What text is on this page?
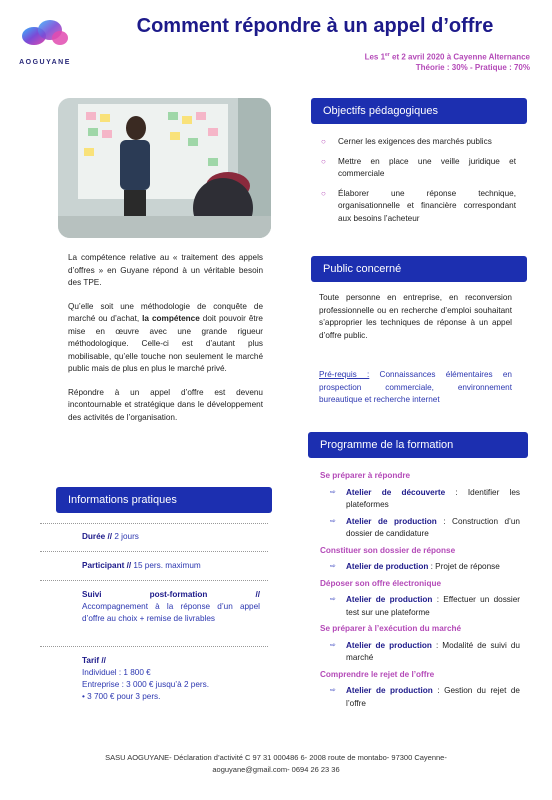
AOGUYANE
Comment répondre à un appel d’offre
Les 1er et 2 avril 2020 à Cayenne Alternance
Théorie : 30% - Pratique : 70%

La compétence relative au « traitement des appels d’offres » en Guyane répond à un véritable besoin des TPE.

Qu’elle soit une méthodologie de conquête de marché ou d’achat, la compétence doit pouvoir être mise en œuvre avec une grande rigueur méthodologique. Celle-ci est d’autant plus mobilisable, qu’elle touche non seulement le marché public mais de plus en plus le marché privé.

Répondre à un appel d’offre est devenu incontournable et stratégique dans le développement des activités de l’organisation.

Objectifs pédagogiques
○ Cerner les exigences des marchés publics
○ Mettre en place une veille juridique et commerciale
○ Élaborer une réponse technique, organisationnelle et financière correspondant aux besoins l’acheteur
Public concerné
Toute personne en entreprise, en reconversion professionnelle ou en recherche d’emploi souhaitant s’approprier les techniques de réponse à un appel d’offre public.
Pré-requis : Connaissances élémentaires en prospection commerciale, environnement bureautique et recherche internet
Programme de la formation
Se préparer à répondre
⇨ Atelier de découverte : Identifier les plateformes
⇨ Atelier de production : Construction d’un dossier de candidature
Constituer son dossier de réponse
⇨ Atelier de production : Projet de réponse
Déposer son offre électronique
⇨ Atelier de production : Effectuer un dossier test sur une plateforme
Se préparer à l’exécution du marché
⇨ Atelier de production : Modalité de suivi du marché
Comprendre le rejet de l’offre
⇨ Atelier de production : Gestion du rejet de l’offre
Informations pratiques
Durée // 2 jours
Participant // 15 pers. maximum
Suivi post-formation //
Accompagnement à la réponse d’un appel d’offre au choix + remise de livrables
Tarif //
Individuel : 1 800 €
Entreprise : 3 000 € jusqu’à 2 pers.
• 3 700 € pour 3 pers.
SASU AOGUYANE- Déclaration d’activité C 97 31 000486 6- 2008 route de montabo- 97300 Cayenne-
aoguyane@gmail.com- 0694 26 23 36
